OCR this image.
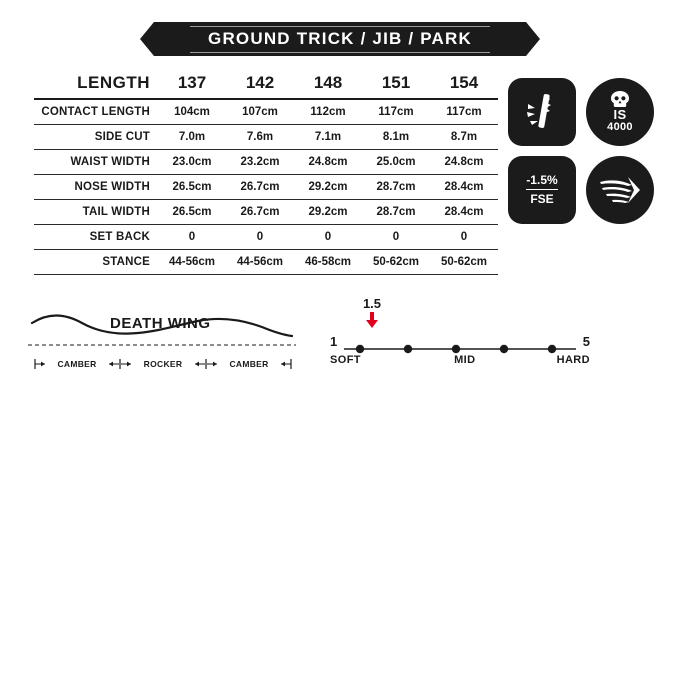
GROUND TRICK / JIB / PARK
LENGTH	137	142	148	151	154
CONTACT LENGTH	104cm	107cm	112cm	117cm	117cm
SIDE CUT	7.0m	7.6m	7.1m	8.1m	8.7m
WAIST WIDTH	23.0cm	23.2cm	24.8cm	25.0cm	24.8cm
NOSE WIDTH	26.5cm	26.7cm	29.2cm	28.7cm	28.4cm
TAIL WIDTH	26.5cm	26.7cm	29.2cm	28.7cm	28.4cm
SET BACK	0	0	0	0	0
STANCE	44-56cm	44-56cm	46-58cm	50-62cm	50-62cm
IS
4000
-1.5%
FSE
DEATH WING
CAMBER	ROCKER	CAMBER
1.5
1	5
SOFT	MID	HARD
